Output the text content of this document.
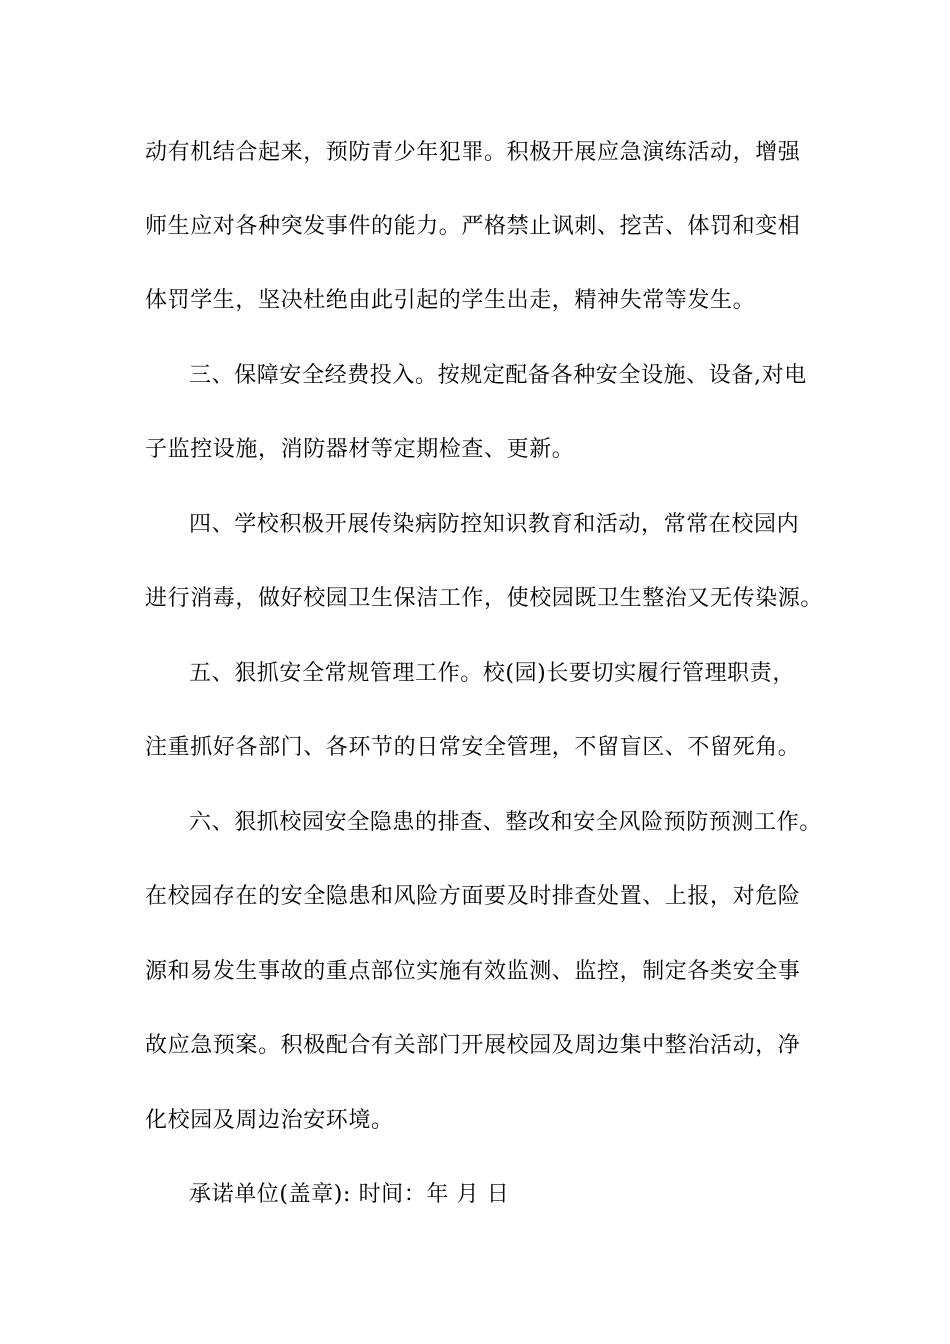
动有机结合起来，预防青少年犯罪。积极开展应急演练活动，增强
师生应对各种突发事件的能力。严格禁止讽刺、挖苦、体罚和变相
体罚学生，坚决杜绝由此引起的学生出走，精神失常等发生。
三、保障安全经费投入。按规定配备各种安全设施、设备,对电
子监控设施，消防器材等定期检查、更新。
四、学校积极开展传染病防控知识教育和活动，常常在校园内
进行消毒，做好校园卫生保洁工作，使校园既卫生整治又无传染源。
五、狠抓安全常规管理工作。校(园)长要切实履行管理职责，
注重抓好各部门、各环节的日常安全管理，不留盲区、不留死角。
六、狠抓校园安全隐患的排查、整改和安全风险预防预测工作。
在校园存在的安全隐患和风险方面要及时排查处置、上报，对危险
源和易发生事故的重点部位实施有效监测、监控，制定各类安全事
故应急预案。积极配合有关部门开展校园及周边集中整治活动，净
化校园及周边治安环境。
承诺单位(盖章): 时间：年 月 日
